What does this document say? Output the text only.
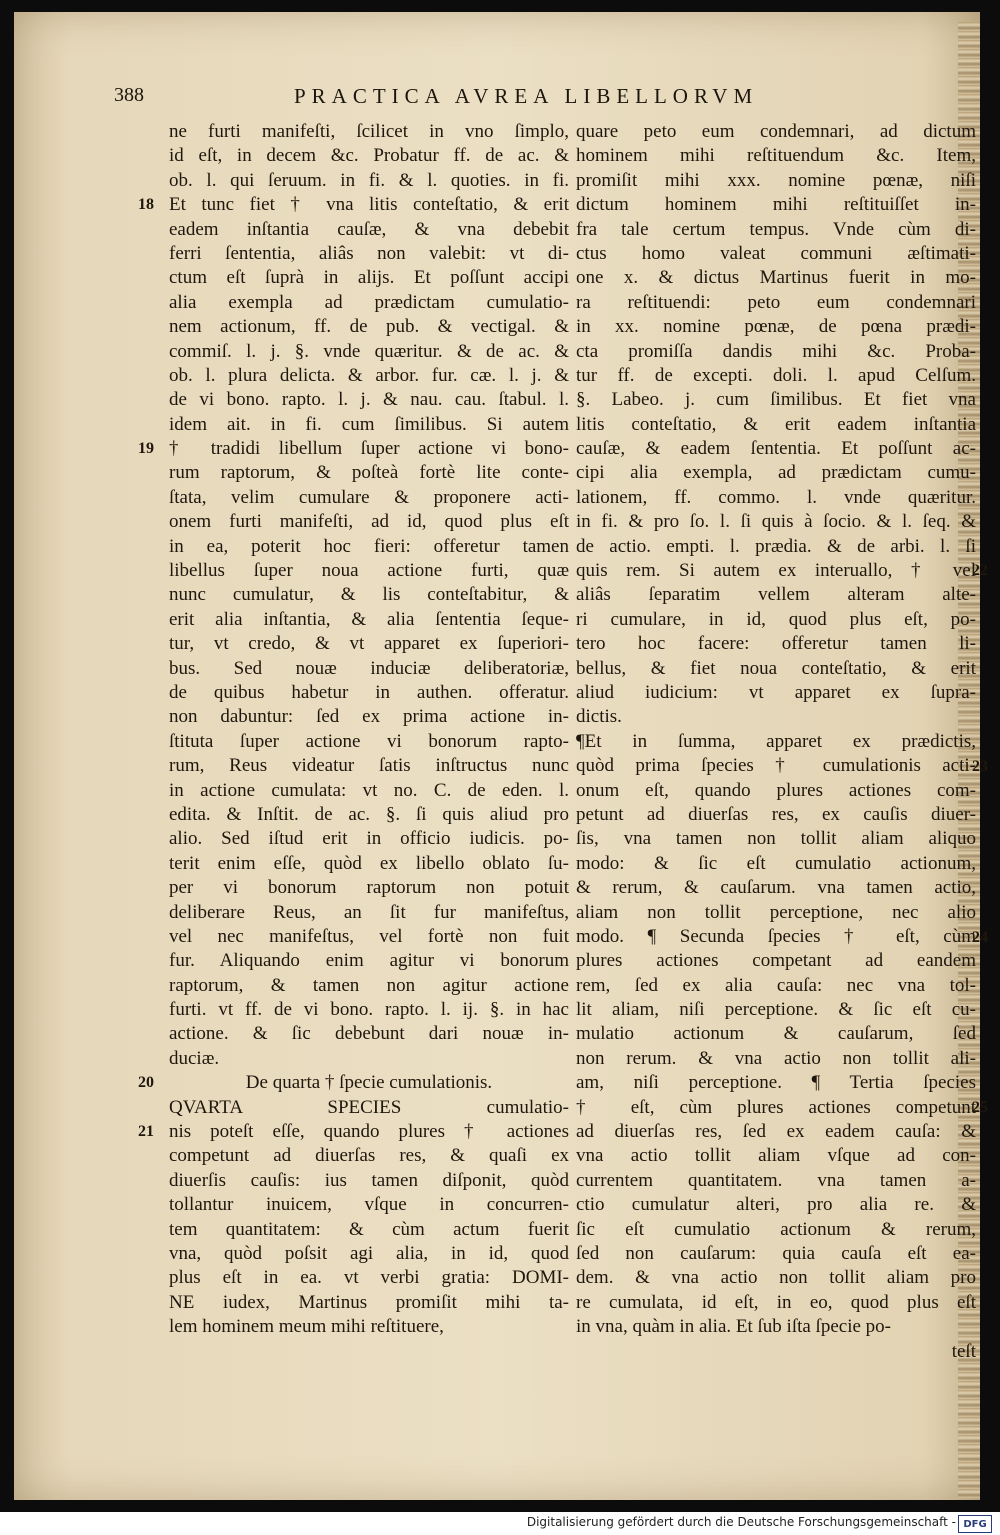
388	PRACTICA AVREA LIBELLORVM
ne furti manifeſti, ſcilicet in vno ſimplo,
id eſt, in decem &c. Probatur ff. de ac. &
ob. l. qui ſeruum. in fi. & l. quoties. in fi.
Et tunc fiet † vna litis conteſtatio, & erit
eadem inſtantia cauſæ, & vna debebit
ferri ſententia, aliâs non valebit: vt di-
ctum eſt ſuprà in alijs. Et poſſunt accipi
alia exempla ad prædictam cumulatio-
nem actionum, ff. de pub. & vectigal. &
commiſ. l. j. §. vnde quæritur. & de ac. &
ob. l. plura delicta. & arbor. fur. cæ. l. j. &
de vi bono. rapto. l. j. & nau. cau. ſtabul. l.
idem ait. in fi. cum ſimilibus. Si autem
† tradidi libellum ſuper actione vi bono-
rum raptorum, & poſteà fortè lite conte-
ſtata, velim cumulare & proponere acti-
onem furti manifeſti, ad id, quod plus eſt
in ea, poterit hoc fieri: offeretur tamen
libellus ſuper noua actione furti, quæ
nunc cumulatur, & lis conteſtabitur, &
erit alia inſtantia, & alia ſententia ſeque-
tur, vt credo, & vt apparet ex ſuperiori-
bus. Sed nouæ induciæ deliberatoriæ,
de quibus habetur in authen. offeratur.
non dabuntur: ſed ex prima actione in-
ſtituta ſuper actione vi bonorum rapto-
rum, Reus videatur ſatis inſtructus nunc
in actione cumulata: vt no. C. de eden. l.
edita. & Inſtit. de ac. §. ſi quis aliud pro
alio. Sed iſtud erit in officio iudicis. po-
terit enim eſſe, quòd ex libello oblato ſu-
per vi bonorum raptorum non potuit
deliberare Reus, an ſit fur manifeſtus,
vel nec manifeſtus, vel fortè non fuit
fur. Aliquando enim agitur vi bonorum
raptorum, & tamen non agitur actione
furti. vt ff. de vi bono. rapto. l. ij. §. in hac
actione. & ſic debebunt dari nouæ in-
duciæ.
De quarta † ſpecie cumulationis.
QVARTA SPECIES cumulatio-
nis poteſt eſſe, quando plures † actiones
competunt ad diuerſas res, & quaſi ex
diuerſis cauſis: ius tamen diſponit, quòd
tollantur inuicem, vſque in concurren-
tem quantitatem: & cùm actum fuerit
vna, quòd poſsit agi alia, in id, quod
plus eſt in ea. vt verbi gratia: DOMI-
NE iudex, Martinus promiſit mihi ta-
lem hominem meum mihi reſtituere,
quare peto eum condemnari, ad dictum
hominem mihi reſtituendum &c. Item,
promiſit mihi xxx. nomine pœnæ, niſi
dictum hominem mihi reſtituiſſet in-
fra tale certum tempus. Vnde cùm di-
ctus homo valeat communi æſtimati-
one x. & dictus Martinus fuerit in mo-
ra reſtituendi: peto eum condemnari
in xx. nomine pœnæ, de pœna prædi-
cta promiſſa dandis mihi &c. Proba-
tur ff. de excepti. doli. l. apud Celſum.
§. Labeo. j. cum ſimilibus. Et fiet vna
litis conteſtatio, & erit eadem inſtantia
cauſæ, & eadem ſententia. Et poſſunt ac-
cipi alia exempla, ad prædictam cumu-
lationem, ff. commo. l. vnde quæritur.
in fi. & pro ſo. l. ſi quis à ſocio. & l. ſeq. &
de actio. empti. l. prædia. & de arbi. l. ſi
quis rem. Si autem ex interuallo, † vel
aliâs ſeparatim vellem alteram alte-
ri cumulare, in id, quod plus eſt, po-
tero hoc facere: offeretur tamen li-
bellus, & fiet noua conteſtatio, & erit
aliud iudicium: vt apparet ex ſupra-
dictis.
¶Et in ſumma, apparet ex prædictis,
quòd prima ſpecies † cumulationis acti-
onum eſt, quando plures actiones com-
petunt ad diuerſas res, ex cauſis diuer-
ſis, vna tamen non tollit aliam aliquo
modo: & ſic eſt cumulatio actionum,
& rerum, & cauſarum. vna tamen actio,
aliam non tollit perceptione, nec alio
modo. ¶ Secunda ſpecies † eſt, cùm
plures actiones competant ad eandem
rem, ſed ex alia cauſa: nec vna tol-
lit aliam, niſi perceptione. & ſic eſt cu-
mulatio actionum & cauſarum, ſed
non rerum. & vna actio non tollit ali-
am, niſi perceptione. ¶ Tertia ſpecies
† eſt, cùm plures actiones competunt
ad diuerſas res, ſed ex eadem cauſa: &
vna actio tollit aliam vſque ad con-
currentem quantitatem. vna tamen a-
ctio cumulatur alteri, pro alia re. &
ſic eſt cumulatio actionum & rerum,
ſed non cauſarum: quia cauſa eſt ea-
dem. & vna actio non tollit aliam pro
re cumulata, id eſt, in eo, quod plus eſt
in vna, quàm in alia. Et ſub iſta ſpecie po-
teſt
18
19
20
21
22
23
24
25
Digitalisierung gefördert durch die Deutsche Forschungsgemeinschaft - DFG
